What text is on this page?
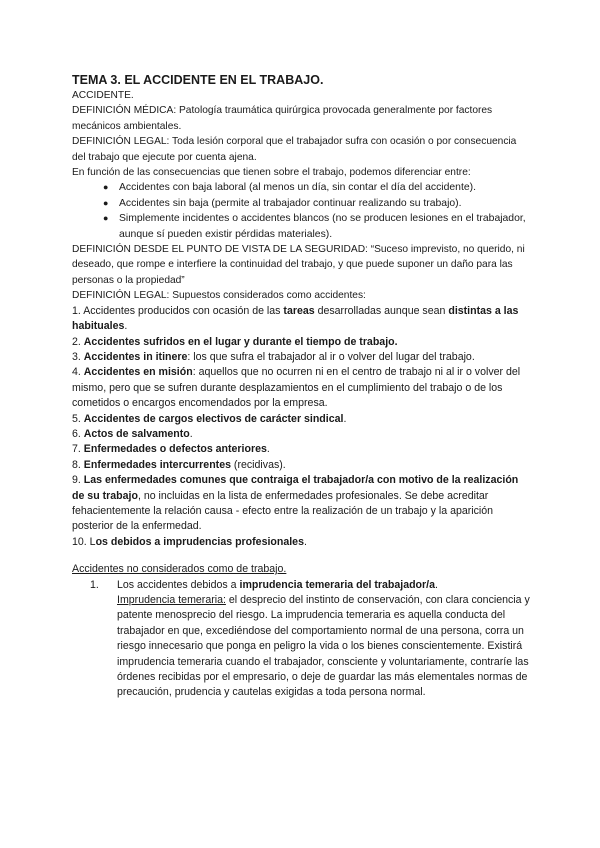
TEMA 3. EL ACCIDENTE EN EL TRABAJO.

ACCIDENTE.

DEFINICIÓN MÉDICA: Patología traumática quirúrgica provocada generalmente por factores mecánicos ambientales.

DEFINICIÓN LEGAL: Toda lesión corporal que el trabajador sufra con ocasión o por consecuencia del trabajo que ejecute por cuenta ajena.

En función de las consecuencias que tienen sobre el trabajo, podemos diferenciar entre:

● Accidentes con baja laboral (al menos un día, sin contar el día del accidente).
● Accidentes sin baja (permite al trabajador continuar realizando su trabajo).
● Simplemente incidentes o accidentes blancos (no se producen lesiones en el trabajador, aunque sí pueden existir pérdidas materiales).

DEFINICIÓN DESDE EL PUNTO DE VISTA DE LA SEGURIDAD: “Suceso imprevisto, no querido, ni deseado, que rompe e interfiere la continuidad del trabajo, y que puede suponer un daño para las personas o la propiedad”

DEFINICIÓN LEGAL: Supuestos considerados como accidentes:

1. Accidentes producidos con ocasión de las tareas desarrolladas aunque sean distintas a las habituales.

2. Accidentes sufridos en el lugar y durante el tiempo de trabajo.

3. Accidentes in itinere: los que sufra el trabajador al ir o volver del lugar del trabajo.

4. Accidentes en misión: aquellos que no ocurren ni en el centro de trabajo ni al ir o volver del mismo, pero que se sufren durante desplazamientos en el cumplimiento del trabajo o de los cometidos o encargos encomendados por la empresa.

5. Accidentes de cargos electivos de carácter sindical.

6. Actos de salvamento.

7. Enfermedades o defectos anteriores.

8. Enfermedades intercurrentes (recidivas).

9. Las enfermedades comunes que contraiga el trabajador/a con motivo de la realización de su trabajo, no incluidas en la lista de enfermedades profesionales. Se debe acreditar fehacientemente la relación causa - efecto entre la realización de un trabajo y la aparición posterior de la enfermedad.

10. Los debidos a imprudencias profesionales.

Accidentes no considerados como de trabajo.

1. Los accidentes debidos a imprudencia temeraria del trabajador/a.
Imprudencia temeraria: el desprecio del instinto de conservación, con clara conciencia y patente menosprecio del riesgo. La imprudencia temeraria es aquella conducta del trabajador en que, excediéndose del comportamiento normal de una persona, corra un riesgo innecesario que ponga en peligro la vida o los bienes conscientemente. Existirá imprudencia temeraria cuando el trabajador, consciente y voluntariamente, contraríe las órdenes recibidas por el empresario, o deje de guardar las más elementales normas de precaución, prudencia y cautelas exigidas a toda persona normal.
